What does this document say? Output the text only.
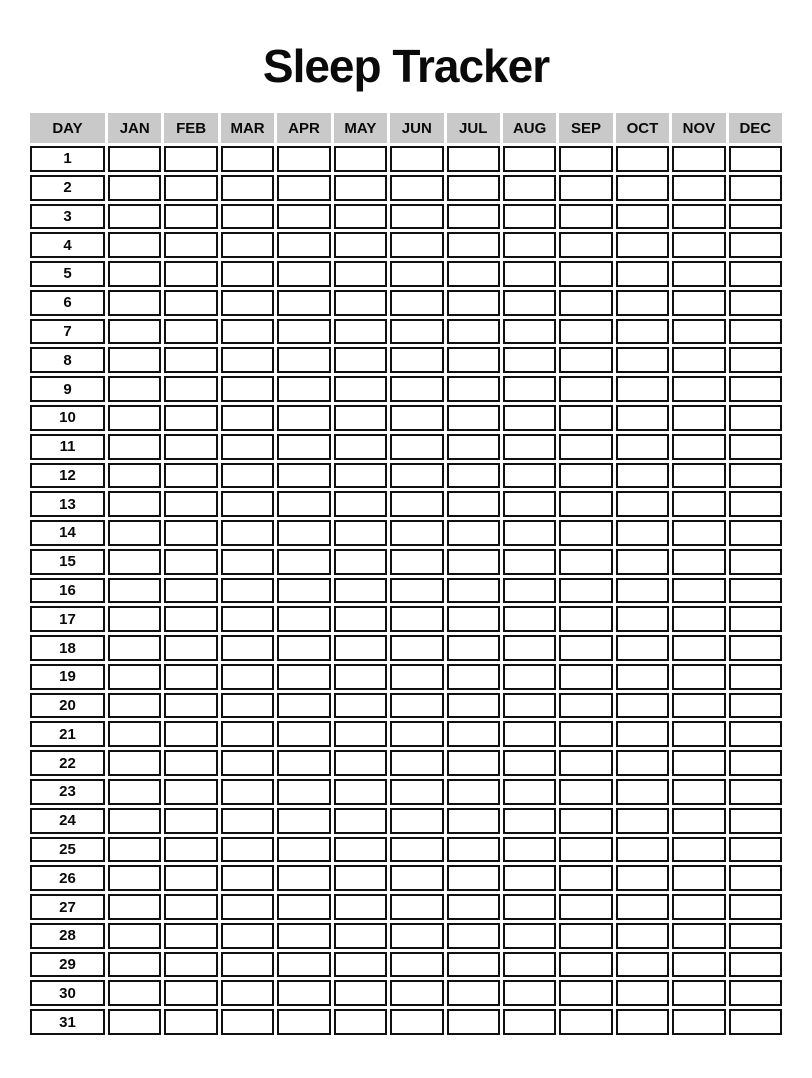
Sleep Tracker
DAY	JAN	FEB	MAR	APR	MAY	JUN	JUL	AUG	SEP	OCT	NOV	DEC
1
2
3
4
5
6
7
8
9
10
11
12
13
14
15
16
17
18
19
20
21
22
23
24
25
26
27
28
29
30
31
